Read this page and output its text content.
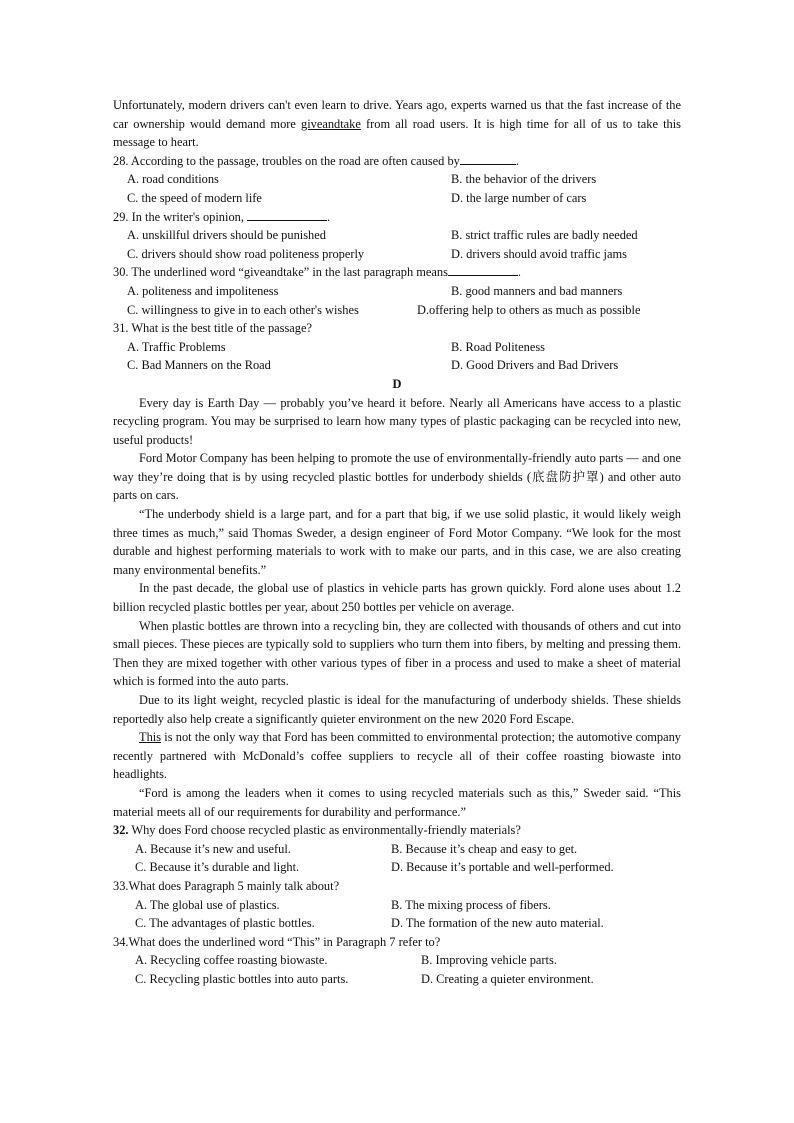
Unfortunately, modern drivers can't even learn to drive. Years ago, experts warned us that the fast increase of the car ownership would demand more giveandtake from all road users. It is high time for all of us to take this message to heart.

28. According to the passage, troubles on the road are often caused by	.

A. road conditions	B. the behavior of the drivers
C. the speed of modern life	D. the large number of cars

29. In the writer's opinion,	.

A. unskillful drivers should be punished	B. strict traffic rules are badly needed
C. drivers should show road politeness properly	D. drivers should avoid traffic jams

30. The underlined word “giveandtake” in the last paragraph means	.

A. politeness and impoliteness	B. good manners and bad manners
C. willingness to give in to each other's wishes	D.offering help to others as much as possible

31. What is the best title of the passage?

A. Traffic Problems	B. Road Politeness
C. Bad Manners on the Road	D. Good Drivers and Bad Drivers

D

Every day is Earth Day — probably you’ve heard it before. Nearly all Americans have access to a plastic recycling program. You may be surprised to learn how many types of plastic packaging can be recycled into new, useful products!

Ford Motor Company has been helping to promote the use of environmentally-friendly auto parts — and one way they’re doing that is by using recycled plastic bottles for underbody shields (底盘防护罩) and other auto parts on cars.

“The underbody shield is a large part, and for a part that big, if we use solid plastic, it would likely weigh three times as much,” said Thomas Sweder, a design engineer of Ford Motor Company. “We look for the most durable and highest performing materials to work with to make our parts, and in this case, we are also creating many environmental benefits.”

In the past decade, the global use of plastics in vehicle parts has grown quickly. Ford alone uses about 1.2 billion recycled plastic bottles per year, about 250 bottles per vehicle on average.

When plastic bottles are thrown into a recycling bin, they are collected with thousands of others and cut into small pieces. These pieces are typically sold to suppliers who turn them into fibers, by melting and pressing them. Then they are mixed together with other various types of fiber in a process and used to make a sheet of material which is formed into the auto parts.

Due to its light weight, recycled plastic is ideal for the manufacturing of underbody shields. These shields reportedly also help create a significantly quieter environment on the new 2020 Ford Escape.

This is not the only way that Ford has been committed to environmental protection; the automotive company recently partnered with McDonald’s coffee suppliers to recycle all of their coffee roasting biowaste into headlights.

“Ford is among the leaders when it comes to using recycled materials such as this,” Sweder said. “This material meets all of our requirements for durability and performance.”

32. Why does Ford choose recycled plastic as environmentally-friendly materials?

A. Because it’s new and useful.	B. Because it’s cheap and easy to get.
C. Because it’s durable and light.	D. Because it’s portable and well-performed.

33.What does Paragraph 5 mainly talk about?

A. The global use of plastics.	B. The mixing process of fibers.
C. The advantages of plastic bottles.	D. The formation of the new auto material.

34.What does the underlined word “This” in Paragraph 7 refer to?

A. Recycling coffee roasting biowaste.	B. Improving vehicle parts.
C. Recycling plastic bottles into auto parts.	D. Creating a quieter environment.
